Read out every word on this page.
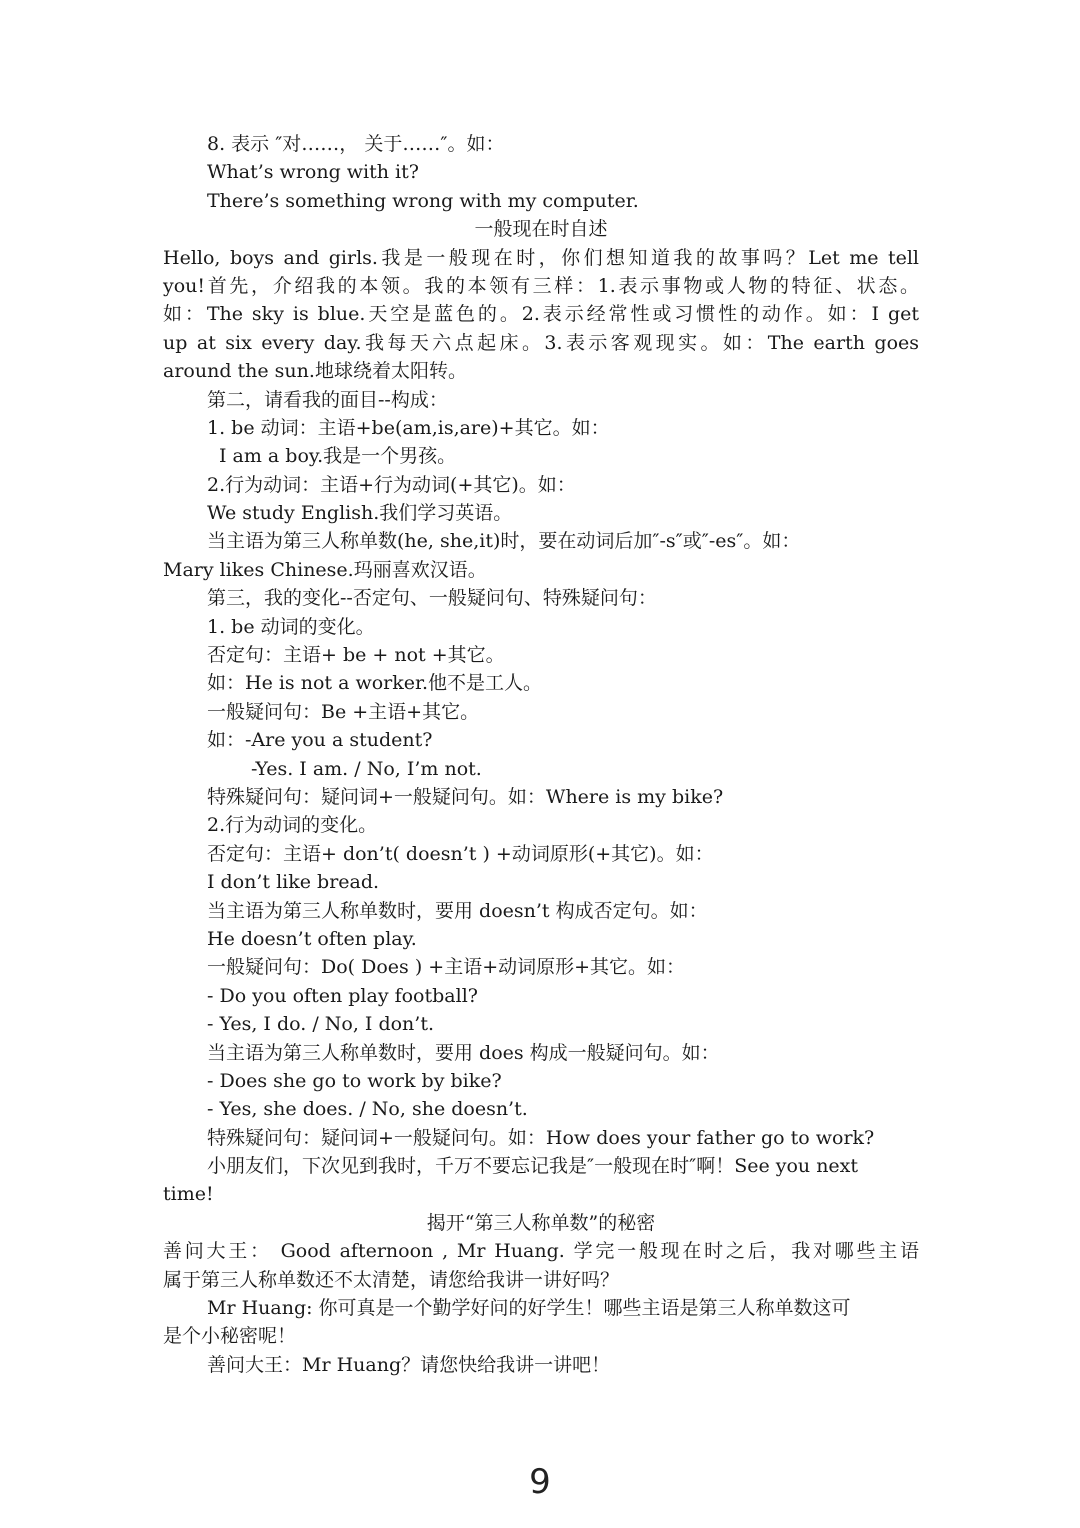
8. 表示 ″对……， 关于……″。如：
What’s wrong with it?
There’s something wrong with my computer.
一般现在时自述
Hello, boys and girls.我是一般现在时，你们想知道我的故事吗？Let me tell
you!首先，介绍我的本领。我的本领有三样：1.表示事物或人物的特征、状态。
如：The sky is blue.天空是蓝色的。2.表示经常性或习惯性的动作。如：I get
up at six every day.我每天六点起床。3.表示客观现实。如：The earth goes
around the sun.地球绕着太阳转。
第二，请看我的面目--构成：
1. be 动词：主语+be(am,is,are)+其它。如：
I am a boy.我是一个男孩。
2.行为动词：主语+行为动词(+其它)。如：
We study English.我们学习英语。
当主语为第三人称单数(he, she,it)时，要在动词后加″-s″或″-es″。如：
Mary likes Chinese.玛丽喜欢汉语。
第三，我的变化--否定句、一般疑问句、特殊疑问句：
1. be 动词的变化。
否定句：主语+ be + not +其它。
如：He is not a worker.他不是工人。
一般疑问句：Be +主语+其它。
如：-Are you a student?
-Yes. I am. / No, I’m not.
特殊疑问句：疑问词+一般疑问句。如：Where is my bike?
2.行为动词的变化。
否定句：主语+ don’t( doesn’t ) +动词原形(+其它)。如：
I don’t like bread.
当主语为第三人称单数时，要用 doesn’t 构成否定句。如：
He doesn’t often play.
一般疑问句：Do( Does ) +主语+动词原形+其它。如：
- Do you often play football?
- Yes, I do. / No, I don’t.
当主语为第三人称单数时，要用 does 构成一般疑问句。如：
- Does she go to work by bike?
- Yes, she does. / No, she doesn’t.
特殊疑问句：疑问词+一般疑问句。如：How does your father go to work?
小朋友们，下次见到我时，千万不要忘记我是″一般现在时″啊！See you next
time!
揭开“第三人称单数”的秘密
善问大王： Good afternoon , Mr Huang. 学完一般现在时之后，我对哪些主语
属于第三人称单数还不太清楚，请您给我讲一讲好吗？
Mr Huang: 你可真是一个勤学好问的好学生！哪些主语是第三人称单数这可
是个小秘密呢！
善问大王：Mr Huang？请您快给我讲一讲吧！
9
